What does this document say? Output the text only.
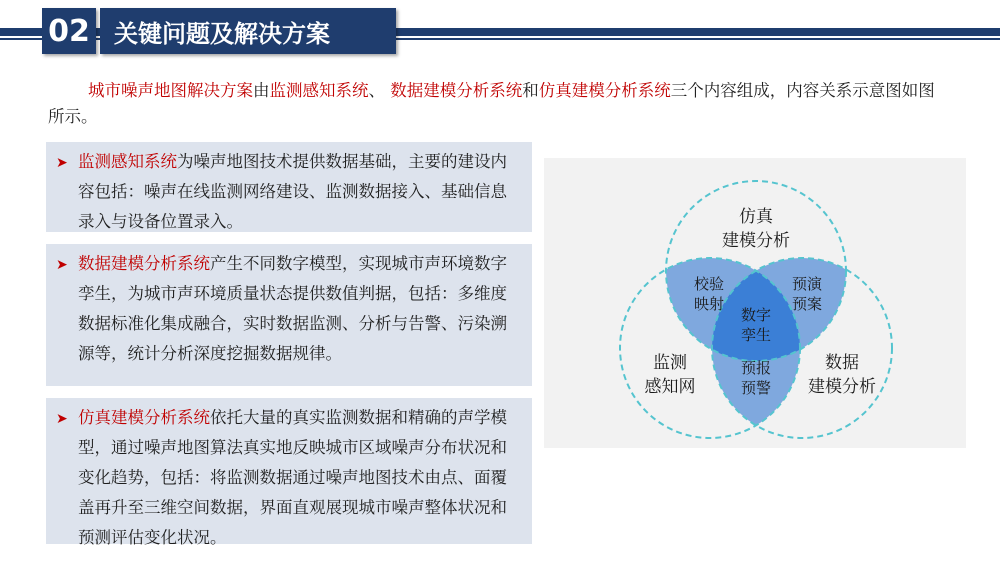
02	关键问题及解决方案
城市噪声地图解决方案由监测感知系统、 数据建模分析系统和仿真建模分析系统三个内容组成，内容关系示意图如图所示。
➤ 监测感知系统为噪声地图技术提供数据基础，主要的建设内容包括：噪声在线监测网络建设、监测数据接入、基础信息录入与设备位置录入。
➤ 数据建模分析系统产生不同数字模型，实现城市声环境数字孪生，为城市声环境质量状态提供数值判据，包括：多维度数据标准化集成融合，实时数据监测、分析与告警、污染溯源等，统计分析深度挖掘数据规律。
➤ 仿真建模分析系统依托大量的真实监测数据和精确的声学模型，通过噪声地图算法真实地反映城市区域噪声分布状况和变化趋势，包括：将监测数据通过噪声地图技术由点、面覆盖再升至三维空间数据，界面直观展现城市噪声整体状况和预测评估变化状况。
仿真
建模分析
监测
感知网
数据
建模分析
校验
映射
预演
预案
预报
预警
数字
孪生
